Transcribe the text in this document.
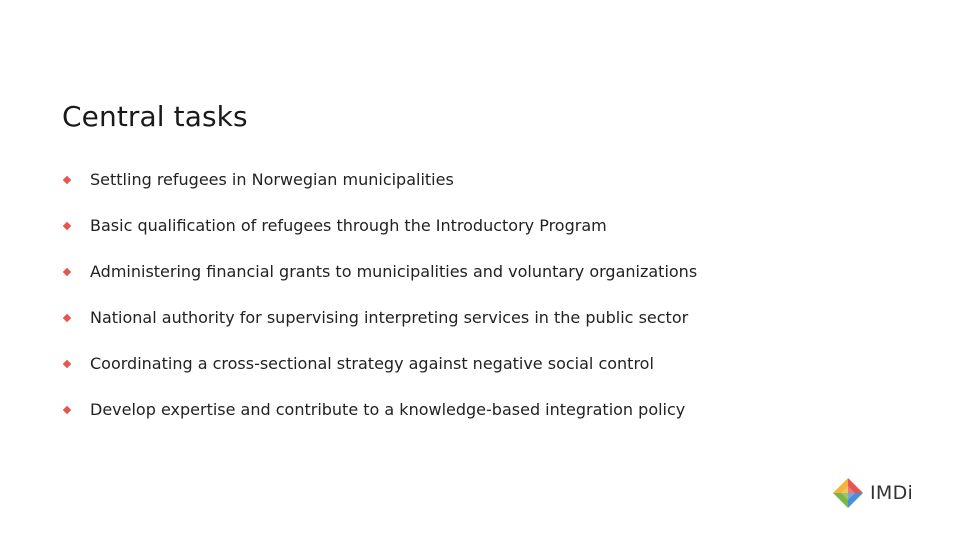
Central tasks
Settling refugees in Norwegian municipalities
Basic qualification of refugees through the Introductory Program
Administering financial grants to municipalities and voluntary organizations
National authority for supervising interpreting services in the public sector
Coordinating a cross-sectional strategy against negative social control
Develop expertise and contribute to a knowledge-based integration policy
IMDi
